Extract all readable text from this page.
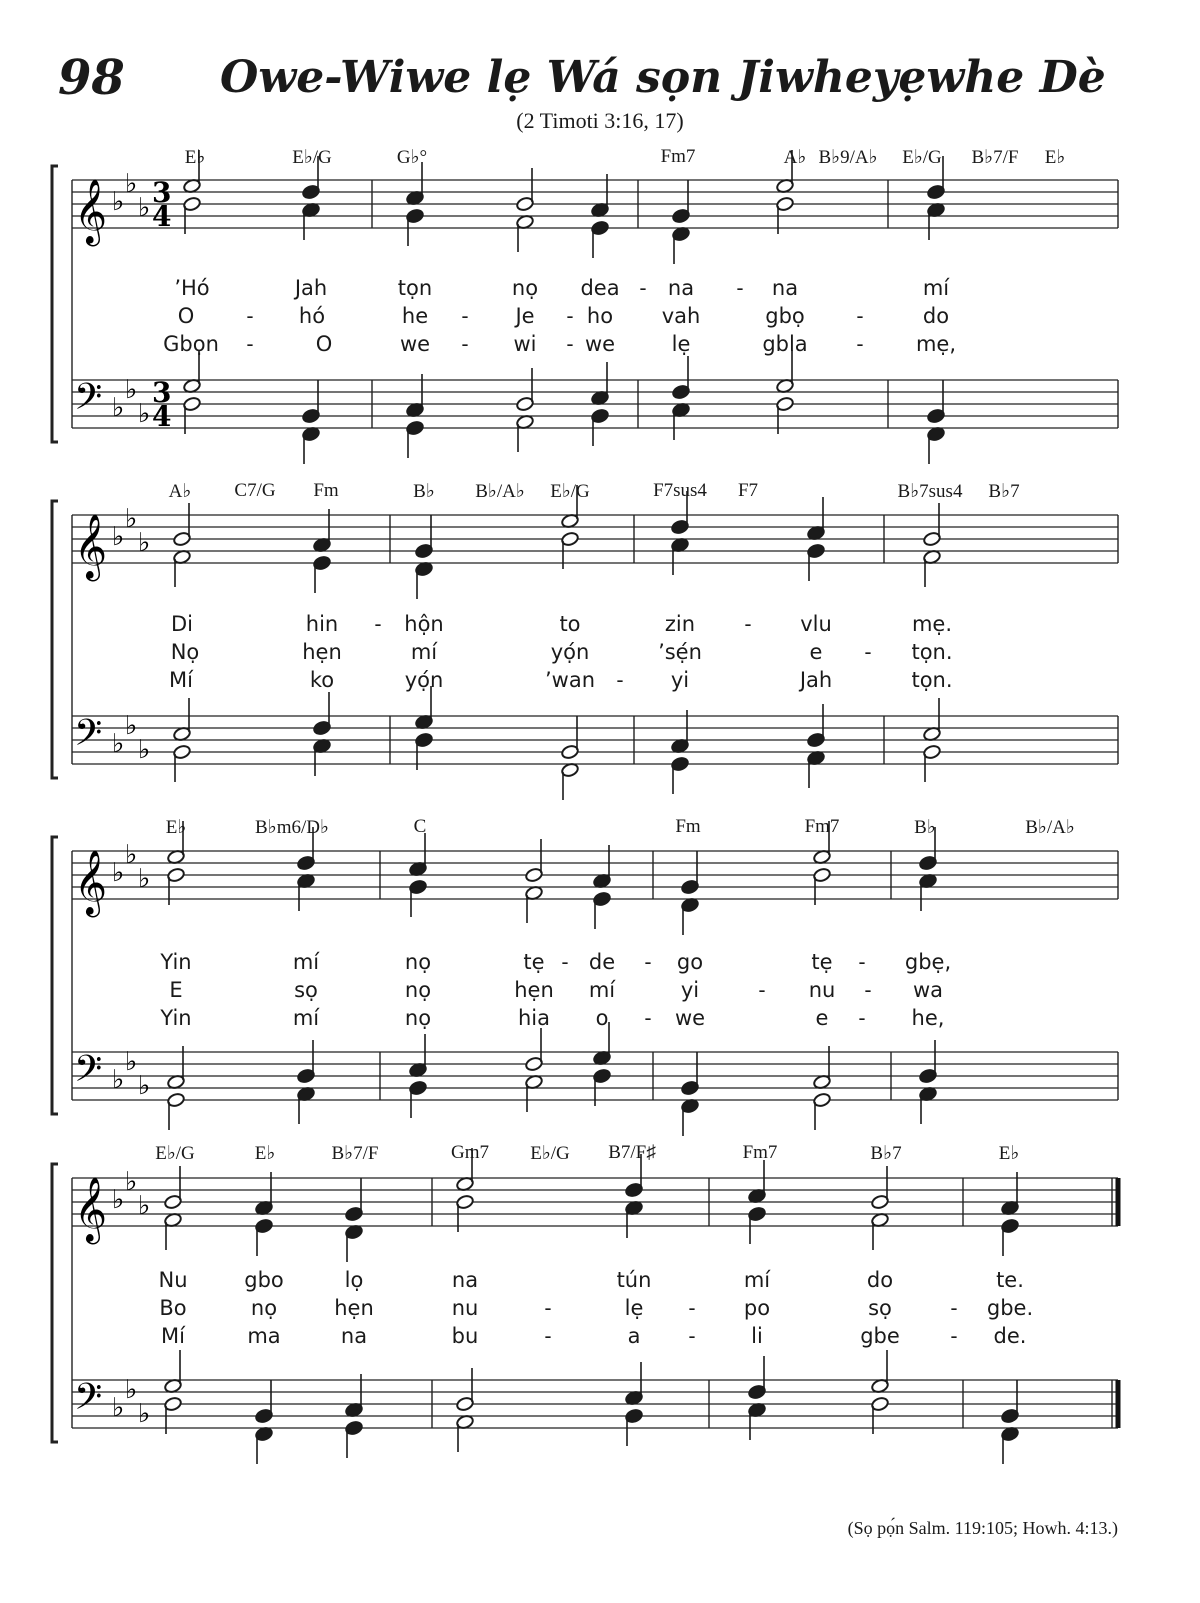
98 Owe-Wiwe lẹ Wá sọn Jiwheyẹwhe Dè
(2 Timoti 3:16, 17)
𝄞 ♭
♭
♭ 3
4
𝄢 ♭
♭
♭
3
4
𝄞 ♭
♭
♭
𝄢 ♭
♭
♭
𝄞 ♭
♭
♭
𝄢 ♭
♭
♭
𝄞 ♭
♭
♭
𝄢 ♭
♭
♭
E♭	E♭/G	G♭°	Fm7	A♭ B♭9/A♭ E♭/G B♭7/F E♭
A♭ C7/G Fm	B♭ B♭/A♭ E♭/G	F7sus4 F7	B♭7sus4 B♭7
E♭	B♭m6/D♭	C	Fm	Fm7	B♭	B♭/A♭
E♭/G	E♭	B♭7/F	Gm7 E♭/G B7/F♯	Fm7	B♭7	E♭
’Hó	Jah	tọn	nọ dea na	na	mí
-	-
O	hó	he	Je ho vah	gbọ	do
-	-	-	-
Gbọn	O	we	wi we	lẹ	gbla	mẹ,
-	-	-	-
Di	hin	hộn	to	zin	vlu	mẹ.
-	-
Nọ	hẹn	mí	yọ́n	’sẹ́n	e	tọn.
-
Mí	ko	yọ́n	’wan	yi	Jah	tọn.
-
Yin	mí	nọ	tẹ de	go	tẹ	gbẹ,
-	-	-
E	sọ	nọ	hẹn mí	yi	nu	wa
-	-
Yin	mí	nọ	hia o	we	e	he,
-	-
Nu	gbo	lọ	na	tún	mí	do	te.
Bo	nọ	hẹn	nu	lẹ	po	sọ	gbe.
-	-	-
Mí	ma	na	bu	a	li	gbe	de.
-	-	-
(Sọ pọ́n Salm. 119:105; Howh. 4:13.)
